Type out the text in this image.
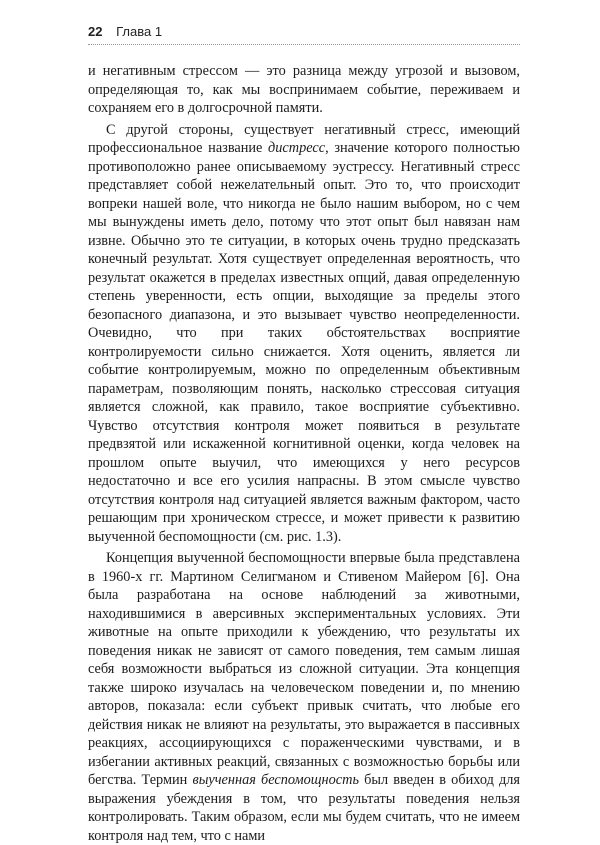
22 Глава 1

и негативным стрессом — это разница между угрозой и вызовом, определяющая то, как мы воспринимаем событие, переживаем и сохраняем его в долгосрочной памяти.

С другой стороны, существует негативный стресс, имеющий профессиональное название дистресс, значение которого полностью противоположно ранее описываемому эустрессу. Негативный стресс представляет собой нежелательный опыт. Это то, что происходит вопреки нашей воле, что никогда не было нашим выбором, но с чем мы вынуждены иметь дело, потому что этот опыт был навязан нам извне. Обычно это те ситуации, в которых очень трудно предсказать конечный результат. Хотя существует определенная вероятность, что результат окажется в пределах известных опций, давая определенную степень уверенности, есть опции, выходящие за пределы этого безопасного диапазона, и это вызывает чувство неопределенности. Очевидно, что при таких обстоятельствах восприятие контролируемости сильно снижается. Хотя оценить, является ли событие контролируемым, можно по определенным объективным параметрам, позволяющим понять, насколько стрессовая ситуация является сложной, как правило, такое восприятие субъективно. Чувство отсутствия контроля может появиться в результате предвзятой или искаженной когнитивной оценки, когда человек на прошлом опыте выучил, что имеющихся у него ресурсов недостаточно и все его усилия напрасны. В этом смысле чувство отсутствия контроля над ситуацией является важным фактором, часто решающим при хроническом стрессе, и может привести к развитию выученной беспомощности (см. рис. 1.3).

Концепция выученной беспомощности впервые была представлена в 1960-х гг. Мартином Селигманом и Стивеном Майером [6]. Она была разработана на основе наблюдений за животными, находившимися в аверсивных экспериментальных условиях. Эти животные на опыте приходили к убеждению, что результаты их поведения никак не зависят от самого поведения, тем самым лишая себя возможности выбраться из сложной ситуации. Эта концепция также широко изучалась на человеческом поведении и, по мнению авторов, показала: если субъект привык считать, что любые его действия никак не влияют на результаты, это выражается в пассивных реакциях, ассоциирующихся с пораженческими чувствами, и в избегании активных реакций, связанных с возможностью борьбы или бегства. Термин выученная беспомощность был введен в обиход для выражения убеждения в том, что результаты поведения нельзя контролировать. Таким образом, если мы будем считать, что не имеем контроля над тем, что с нами
